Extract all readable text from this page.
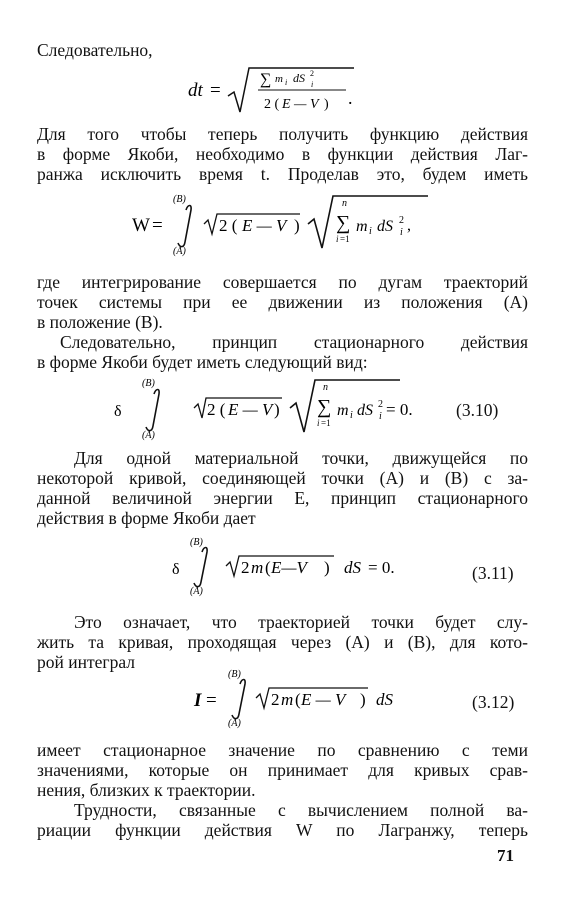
Следовательно,
dt =
∑ m i dS 2
i
2 ( E — V ) .
Для того чтобы теперь получить функцию действия
в форме Якоби, необходимо в функции действия Лаг-
ранжа исключить время t. Проделав это, будем иметь
W =
(B)
(A)
2 ( E — V )
n
∑
i =1
m i dS 2
i ,
где интегрирование совершается по дугам траекторий
точек системы при ее движении из положения (A)
в положение (B).
Следовательно, принцип стационарного действия
в форме Якоби будет иметь следующий вид:
δ
(B)
(A)
2 ( E — V )
n
∑
i =1
m i dS 2
i = 0. (3.10)
Для одной материальной точки, движущейся по
некоторой кривой, соединяющей точки (A) и (B) с за-
данной величиной энергии E, принцип стационарного
действия в форме Якоби дает
δ
(B)
(A)
2 m ( E—V ) dS = 0.	(3.11)
Это означает, что траекторией точки будет слу-
жить та кривая, проходящая через (A) и (B), для кото-
рой интеграл
I =
(B)
(A)
2 m ( E — V ) dS	(3.12)
имеет стационарное значение по сравнению с теми
значениями, которые он принимает для кривых срав-
нения, близких к траектории.
Трудности, связанные с вычислением полной ва-
риации функции действия W по Лагранжу, теперь
71
